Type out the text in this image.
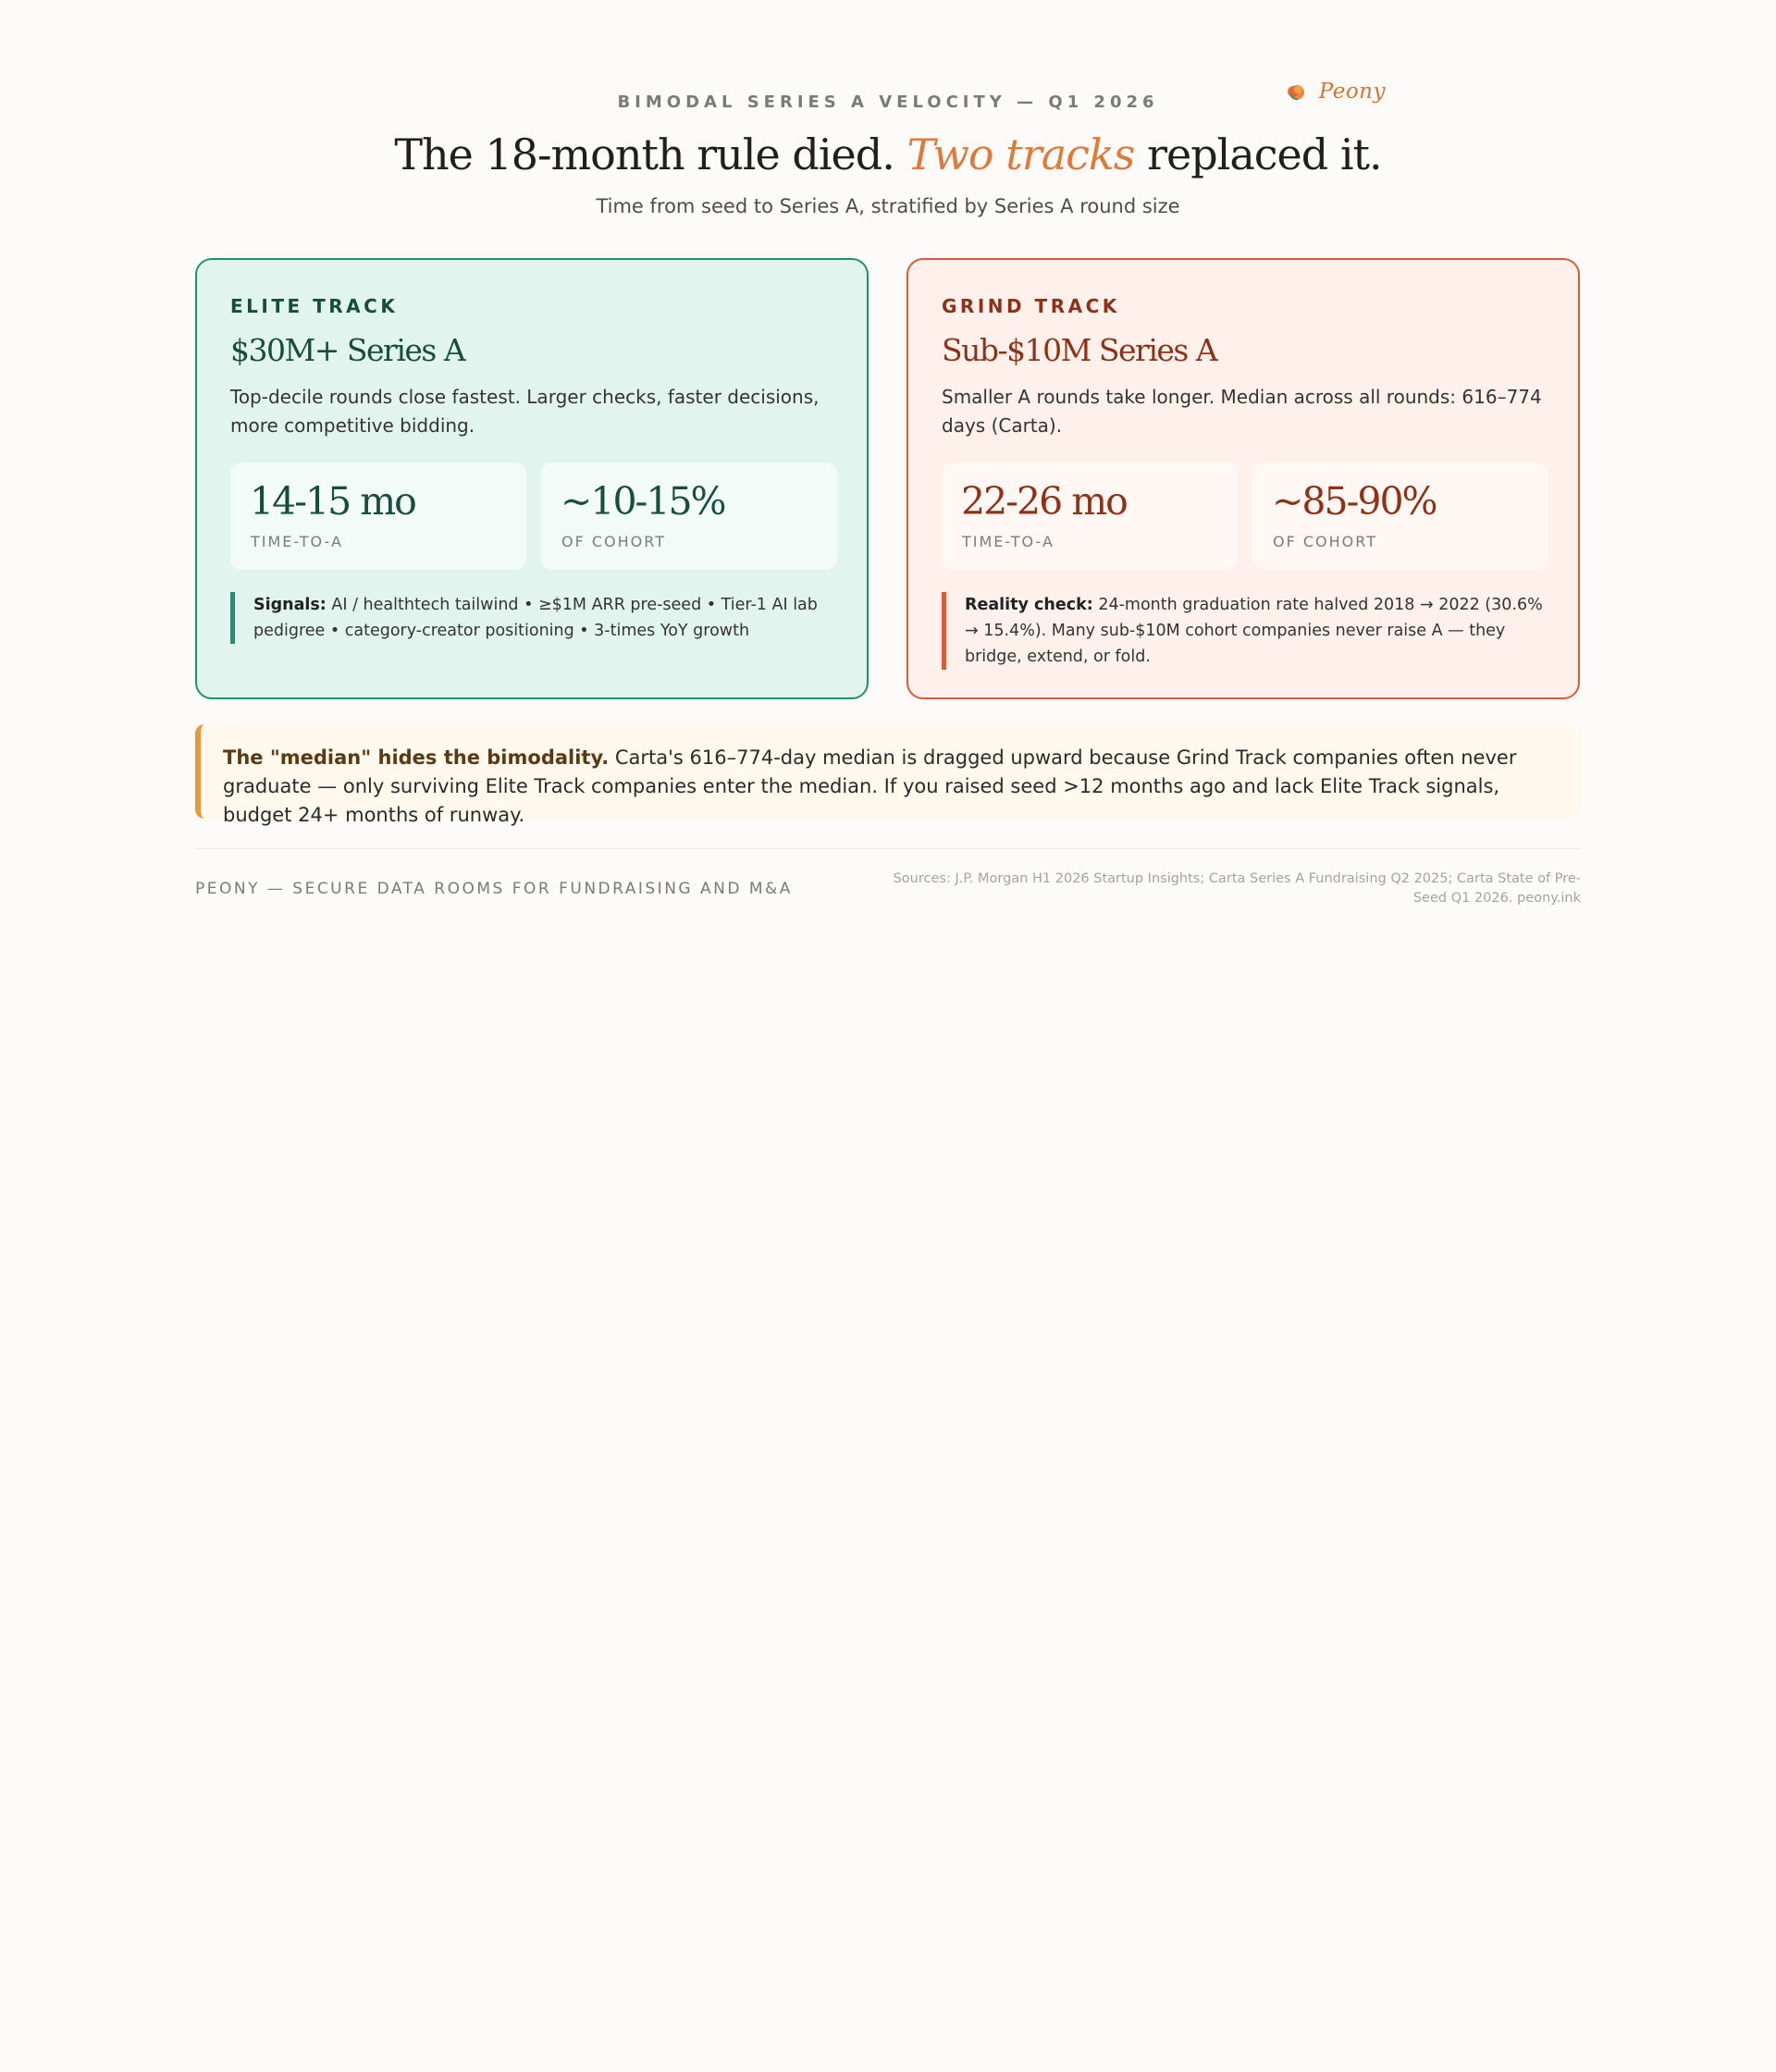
Peony
BIMODAL SERIES A VELOCITY — Q1 2026
The 18-month rule died. Two tracks replaced it.
Time from seed to Series A, stratified by Series A round size
ELITE TRACK
$30M+ Series A
Top-decile rounds close fastest. Larger checks, faster decisions, more competitive bidding.
14-15 mo
TIME-TO-A
~10-15%
OF COHORT
Signals: AI / healthtech tailwind • ≥$1M ARR pre-seed • Tier-1 AI lab pedigree • category-creator positioning • 3-times YoY growth
GRIND TRACK
Sub-$10M Series A
Smaller A rounds take longer. Median across all rounds: 616–774 days (Carta).
22-26 mo
TIME-TO-A
~85-90%
OF COHORT
Reality check: 24-month graduation rate halved 2018 → 2022 (30.6% → 15.4%). Many sub-$10M cohort companies never raise A — they bridge, extend, or fold.
The "median" hides the bimodality. Carta's 616–774-day median is dragged upward because Grind Track companies often never graduate — only surviving Elite Track companies enter the median. If you raised seed >12 months ago and lack Elite Track signals, budget 24+ months of runway.
PEONY — SECURE DATA ROOMS FOR FUNDRAISING AND M&A
Sources: J.P. Morgan H1 2026 Startup Insights; Carta Series A Fundraising Q2 2025; Carta State of Pre-Seed Q1 2026. peony.ink
